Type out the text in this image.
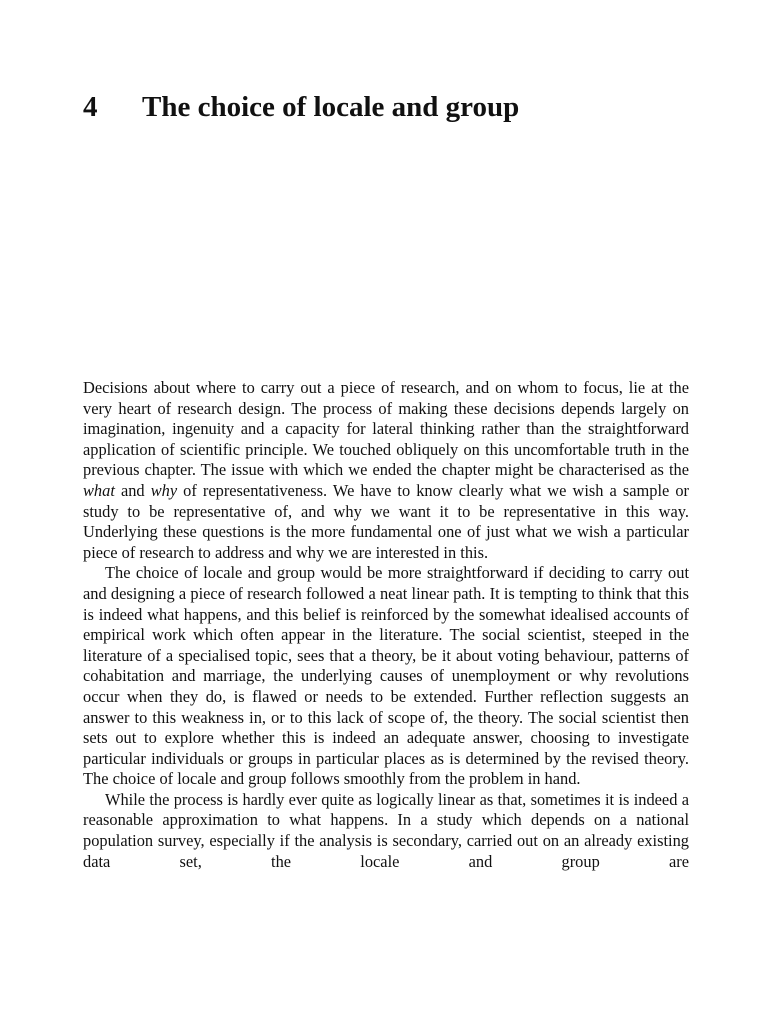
4	The choice of locale and group

Decisions about where to carry out a piece of research, and on whom to focus, lie at the very heart of research design. The process of making these decisions depends largely on imagination, ingenuity and a capacity for lateral thinking rather than the straightforward application of scientific principle. We touched obliquely on this uncomfortable truth in the previous chapter. The issue with which we ended the chapter might be characterised as the what and why of representativeness. We have to know clearly what we wish a sample or study to be representative of, and why we want it to be representative in this way. Underlying these questions is the more fundamental one of just what we wish a particular piece of research to address and why we are interested in this.

The choice of locale and group would be more straightforward if deciding to carry out and designing a piece of research followed a neat linear path. It is tempting to think that this is indeed what happens, and this belief is reinforced by the somewhat idealised accounts of empirical work which often appear in the literature. The social scientist, steeped in the literature of a specialised topic, sees that a theory, be it about voting behaviour, patterns of cohabitation and marriage, the underlying causes of unemployment or why revolutions occur when they do, is flawed or needs to be extended. Further reflection suggests an answer to this weakness in, or to this lack of scope of, the theory. The social scientist then sets out to explore whether this is indeed an adequate answer, choosing to investigate particular individuals or groups in particular places as is determined by the revised theory. The choice of locale and group follows smoothly from the problem in hand.

While the process is hardly ever quite as logically linear as that, sometimes it is indeed a reasonable approximation to what happens. In a study which depends on a national population survey, especially if the analysis is secondary, carried out on an already existing data set, the locale and group are
